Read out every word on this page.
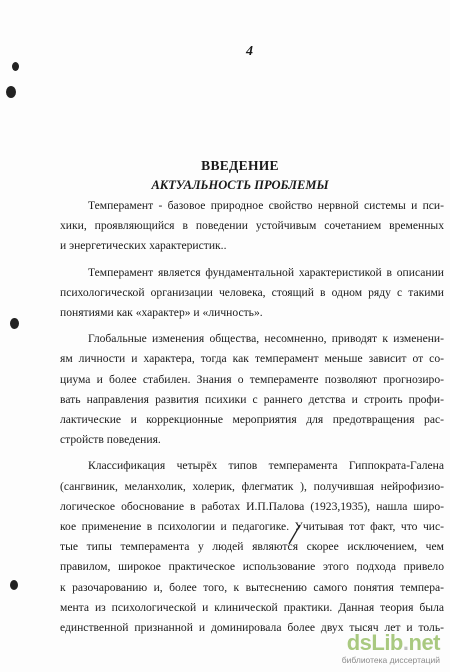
4
ВВЕДЕНИЕ
АКТУАЛЬНОСТЬ ПРОБЛЕМЫ

Темперамент - базовое природное свойство нервной системы и пси-
хики, проявляющийся в поведении устойчивым сочетанием временных
и энергетических характеристик..

Темперамент является фундаментальной характеристикой в описании
психологической организации человека, стоящий в одном ряду с такими
понятиями как «характер» и «личность».

Глобальные изменения общества, несомненно, приводят к изменени-
ям личности и характера, тогда как темперамент меньше зависит от со-
циума и более стабилен. Знания о темпераменте позволяют прогнозиро-
вать направления развития психики с раннего детства и строить профи-
лактические и коррекционные мероприятия для предотвращения рас-
стройств поведения.

Классификация четырёх типов темперамента Гиппократа-Галена
(сангвиник, меланхолик, холерик, флегматик ), получившая нейрофизио-
логическое обоснование в работах И.П.Палова (1923,1935), нашла широ-
кое применение в психологии и педагогике. Учитывая тот факт, что чис-
тые типы темперамента у людей являются скорее исключением, чем
правилом, широкое практическое использование этого подхода привело
к разочарованию и, более того, к вытеснению самого понятия темпера-
мента из психологической и клинической практики. Данная теория была
единственной признанной и доминировала более двух тысяч лет и толь-

dsLib.net
библиотека диссертаций
